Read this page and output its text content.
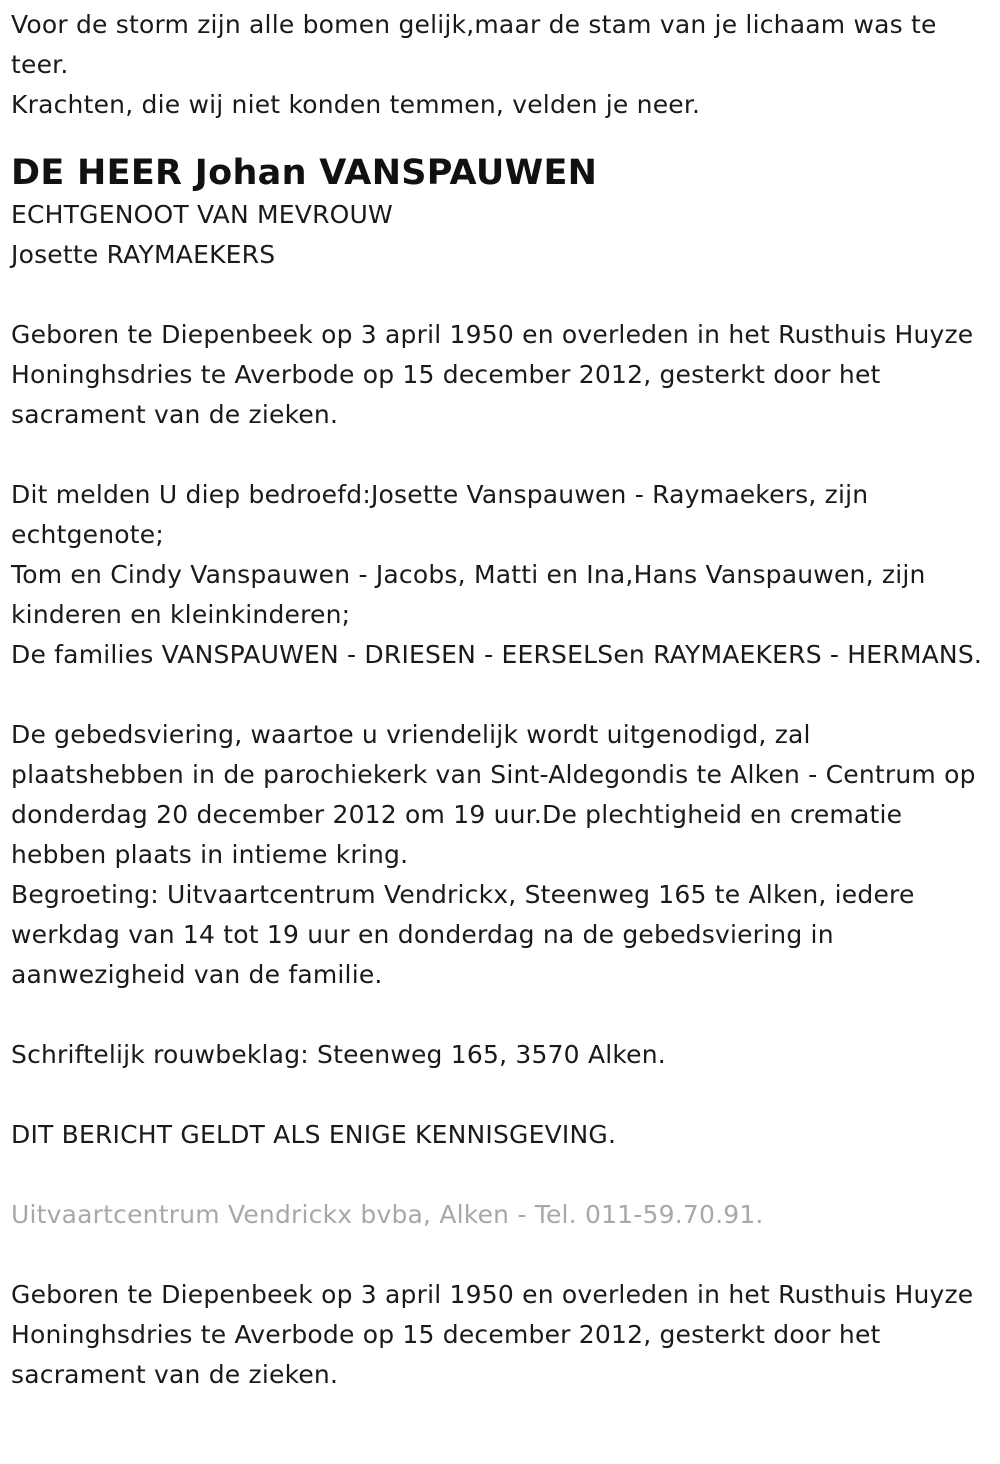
Voor de storm zijn alle bomen gelijk,maar de stam van je lichaam was te teer.

Krachten, die wij niet konden temmen, velden je neer.

DE HEER Johan VANSPAUWEN

ECHTGENOOT VAN MEVROUW

Josette RAYMAEKERS

Geboren te Diepenbeek op 3 april 1950 en overleden in het Rusthuis Huyze Honinghsdries te Averbode op 15 december 2012, gesterkt door het sacrament van de zieken.

Dit melden U diep bedroefd:Josette Vanspauwen - Raymaekers, zijn echtgenote;

Tom en Cindy Vanspauwen - Jacobs, Matti en Ina,Hans Vanspauwen, zijn kinderen en kleinkinderen;

De families VANSPAUWEN - DRIESEN - EERSELSen RAYMAEKERS - HERMANS.

De gebedsviering, waartoe u vriendelijk wordt uitgenodigd, zal plaatshebben in de parochiekerk van Sint-Aldegondis te Alken - Centrum op donderdag 20 december 2012 om 19 uur.De plechtigheid en crematie hebben plaats in intieme kring.

Begroeting: Uitvaartcentrum Vendrickx, Steenweg 165 te Alken, iedere werkdag van 14 tot 19 uur en donderdag na de gebedsviering in aanwezigheid van de familie.

Schriftelijk rouwbeklag: Steenweg 165, 3570 Alken.

DIT BERICHT GELDT ALS ENIGE KENNISGEVING.

Uitvaartcentrum Vendrickx bvba, Alken - Tel. 011-59.70.91.

Geboren te Diepenbeek op 3 april 1950 en overleden in het Rusthuis Huyze Honinghsdries te Averbode op 15 december 2012, gesterkt door het sacrament van de zieken.
